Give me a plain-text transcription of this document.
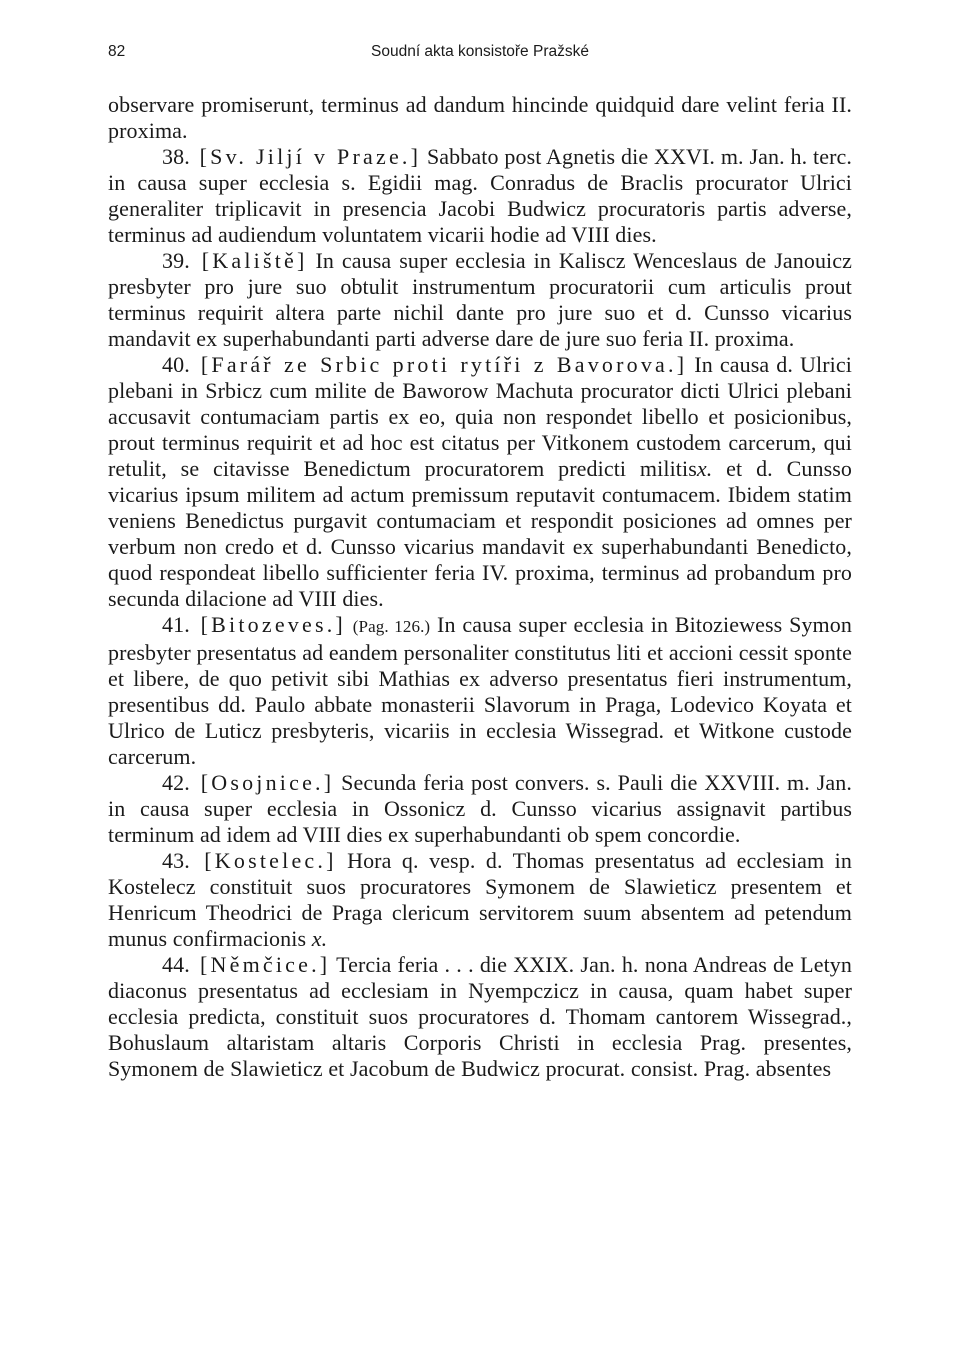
82	Soudní akta konsistoře Pražské

observare promiserunt, terminus ad dandum hincinde quidquid dare velint feria II. proxima.

38. [Sv. Jiljí v Praze.] Sabbato post Agnetis die XXVI. m. Jan. h. terc. in causa super ecclesia s. Egidii mag. Conradus de Braclis procurator Ulrici generaliter triplicavit in presencia Jacobi Budwicz procuratoris partis adverse, terminus ad audiendum voluntatem vicarii hodie ad VIII dies.

39. [Kaliště] In causa super ecclesia in Kaliscz Wenceslaus de Janouicz presbyter pro jure suo obtulit instrumentum procuratorii cum articulis prout terminus requirit altera parte nichil dante pro jure suo et d. Cunsso vicarius mandavit ex superhabundanti parti adverse dare de jure suo feria II. proxima.

40. [Farář ze Srbic proti rytíři z Bavorova.] In causa d. Ulrici plebani in Srbicz cum milite de Baworow Machuta procurator dicti Ulrici plebani accusavit contumaciam partis ex eo, quia non respondet libello et posicionibus, prout terminus requirit et ad hoc est citatus per Vitkonem custodem carcerum, qui retulit, se citavisse Benedictum procuratorem predicti militisx. et d. Cunsso vicarius ipsum militem ad actum premissum reputavit contumacem. Ibidem statim veniens Benedictus purgavit contumaciam et respondit posiciones ad omnes per verbum non credo et d. Cunsso vicarius mandavit ex superhabundanti Benedicto, quod respondeat libello sufficienter feria IV. proxima, terminus ad probandum pro secunda dilacione ad VIII dies.

41. [Bitozeves.] (Pag. 126.) In causa super ecclesia in Bitoziewess Symon presbyter presentatus ad eandem personaliter constitutus liti et accioni cessit sponte et libere, de quo petivit sibi Mathias ex adverso presentatus fieri instrumentum, presentibus dd. Paulo abbate monasterii Slavorum in Praga, Lodevico Koyata et Ulrico de Luticz presbyteris, vicariis in ecclesia Wissegrad. et Witkone custode carcerum.

42. [Osojnice.] Secunda feria post convers. s. Pauli die XXVIII. m. Jan. in causa super ecclesia in Ossonicz d. Cunsso vicarius assignavit partibus terminum ad idem ad VIII dies ex superhabundanti ob spem concordie.

43. [Kostelec.] Hora q. vesp. d. Thomas presentatus ad ecclesiam in Kostelecz constituit suos procuratores Symonem de Slawieticz presentem et Henricum Theodrici de Praga clericum servitorem suum absentem ad petendum munus confirmacionis x.

44. [Němčice.] Tercia feria . . . die XXIX. Jan. h. nona Andreas de Letyn diaconus presentatus ad ecclesiam in Nyempczicz in causa, quam habet super ecclesia predicta, constituit suos procuratores d. Thomam cantorem Wissegrad., Bohuslaum altaristam altaris Corporis Christi in ecclesia Prag. presentes, Symonem de Slawieticz et Jacobum de Budwicz procurat. consist. Prag. absentes
